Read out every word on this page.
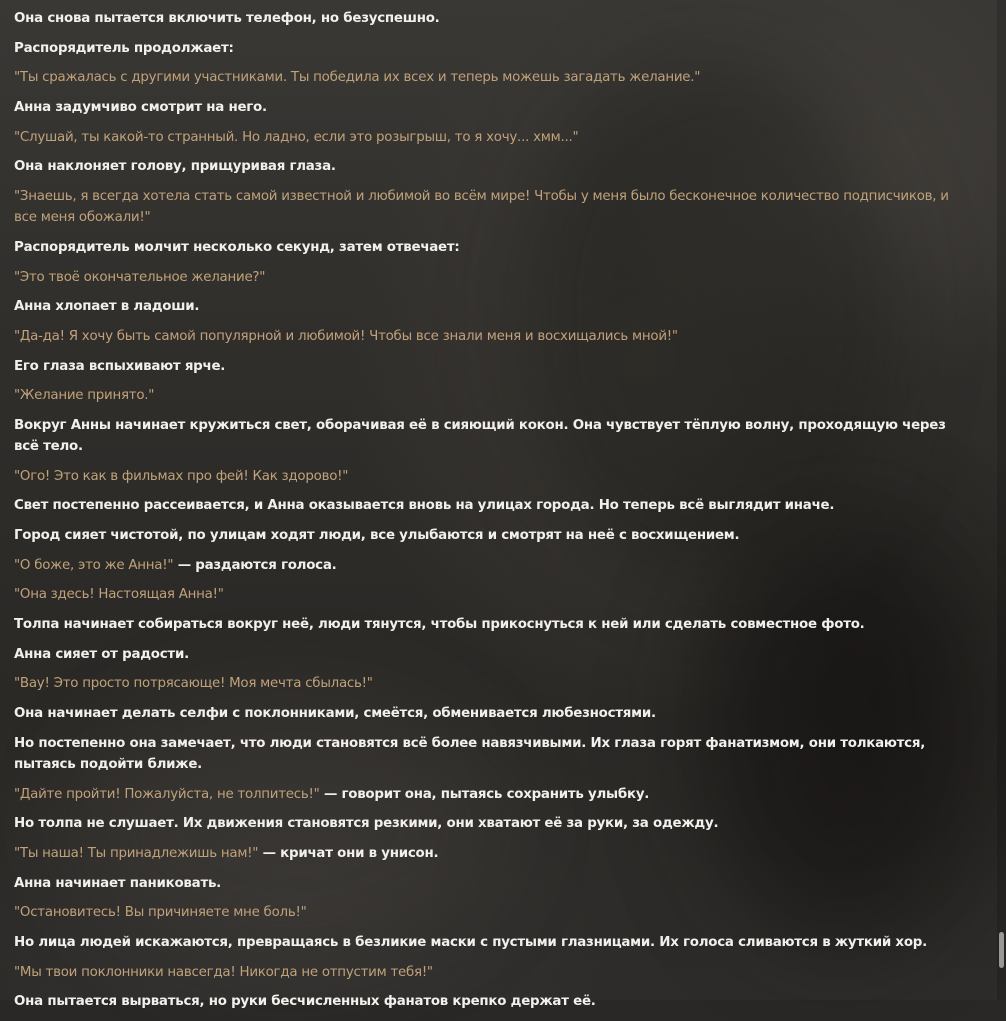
Она снова пытается включить телефон, но безуспешно.

Распорядитель продолжает:

"Ты сражалась с другими участниками. Ты победила их всех и теперь можешь загадать желание."

Анна задумчиво смотрит на него.

"Слушай, ты какой-то странный. Но ладно, если это розыгрыш, то я хочу... хмм..."

Она наклоняет голову, прищуривая глаза.

"Знаешь, я всегда хотела стать самой известной и любимой во всём мире! Чтобы у меня было бесконечное количество подписчиков, и все меня обожали!"

Распорядитель молчит несколько секунд, затем отвечает:

"Это твоё окончательное желание?"

Анна хлопает в ладоши.

"Да-да! Я хочу быть самой популярной и любимой! Чтобы все знали меня и восхищались мной!"

Его глаза вспыхивают ярче.

"Желание принято."

Вокруг Анны начинает кружиться свет, оборачивая её в сияющий кокон. Она чувствует тёплую волну, проходящую через всё тело.

"Ого! Это как в фильмах про фей! Как здорово!"

Свет постепенно рассеивается, и Анна оказывается вновь на улицах города. Но теперь всё выглядит иначе.

Город сияет чистотой, по улицам ходят люди, все улыбаются и смотрят на неё с восхищением.

"О боже, это же Анна!" — раздаются голоса.

"Она здесь! Настоящая Анна!"

Толпа начинает собираться вокруг неё, люди тянутся, чтобы прикоснуться к ней или сделать совместное фото.

Анна сияет от радости.

"Вау! Это просто потрясающе! Моя мечта сбылась!"

Она начинает делать селфи с поклонниками, смеётся, обменивается любезностями.

Но постепенно она замечает, что люди становятся всё более навязчивыми. Их глаза горят фанатизмом, они толкаются, пытаясь подойти ближе.

"Дайте пройти! Пожалуйста, не толпитесь!" — говорит она, пытаясь сохранить улыбку.

Но толпа не слушает. Их движения становятся резкими, они хватают её за руки, за одежду.

"Ты наша! Ты принадлежишь нам!" — кричат они в унисон.

Анна начинает паниковать.

"Остановитесь! Вы причиняете мне боль!"

Но лица людей искажаются, превращаясь в безликие маски с пустыми глазницами. Их голоса сливаются в жуткий хор.

"Мы твои поклонники навсегда! Никогда не отпустим тебя!"

Она пытается вырваться, но руки бесчисленных фанатов крепко держат её.
